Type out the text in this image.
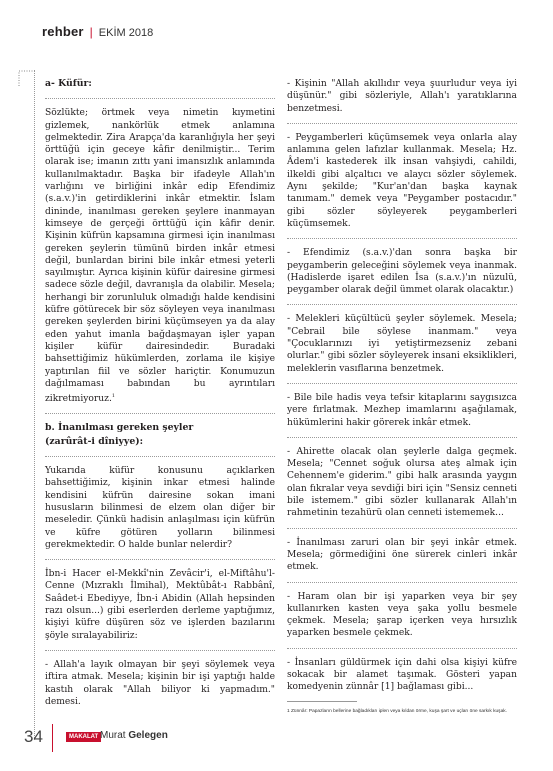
rehber | EKİM 2018
a- Küfür:

Sözlükte; örtmek veya nimetin kıymetini gizlemek, nankörlük etmek anlamına gelmektedir. Zira Arapça'da karanlığıyla her şeyi örttüğü için geceye kâfir denilmiştir... Terim olarak ise; imanın zıttı yani imansızlık anlamında kullanılmaktadır. Başka bir ifadeyle Allah'ın varlığını ve birliğini inkâr edip Efendimiz (s.a.v.)'in getirdiklerini inkâr etmektir. İslam dininde, inanılması gereken şeylere inanmayan kimseye de gerçeği örttüğü için kâfir denir. Kişinin küfrün kapsamına girmesi için inanılması gereken şeylerin tümünü birden inkâr etmesi değil, bunlardan birini bile inkâr etmesi yeterli sayılmıştır. Ayrıca kişinin küfür dairesine girmesi sadece sözle değil, davranışla da olabilir. Mesela; herhangi bir zorunluluk olmadığı halde kendisini küfre götürecek bir söz söyleyen veya inanılması gereken şeylerden birini küçümseyen ya da alay eden yahut imanla bağdaşmayan işler yapan kişiler küfür dairesindedir. Buradaki bahsettiğimiz hükümlerden, zorlama ile kişiye yaptırılan fiil ve sözler hariçtir. Konumuzun dağılmaması babından bu ayrıntıları zikretmiyoruz.$^1$

b. İnanılması gereken şeyler
(zarûrât-i dîniyye):

Yukarıda küfür konusunu açıklarken bahsettiğimiz, kişinin inkar etmesi halinde kendisini küfrün dairesine sokan imani hususların bilinmesi de elzem olan diğer bir meseledir. Çünkü hadisin anlaşılması için küfrün ve küfre götüren yolların bilinmesi gerekmektedir. O halde bunlar nelerdir?

İbn-i Hacer el-Mekkî'nin Zevâcir'i, el-Miftâhu'l-Cenne (Mızraklı İlmihal), Mektûbât-ı Rabbânî, Saâdet-i Ebediyye, İbn-i Abidin (Allah hepsinden razı olsun...) gibi eserlerden derleme yaptığımız, kişiyi küfre düşüren söz ve işlerden bazılarını şöyle sıralayabiliriz:

- Allah'a layık olmayan bir şeyi söylemek veya iftira atmak. Mesela; kişinin bir işi yaptığı halde kastıh olarak "Allah biliyor ki yapmadım." demesi.

- Kişinin "Allah akıllıdır veya şuurludur veya iyi düşünür." gibi sözleriyle, Allah'ı yaratıklarına benzetmesi.

- Peygamberleri küçümsemek veya onlarla alay anlamına gelen lafızlar kullanmak. Mesela; Hz. Âdem'i kastederek ilk insan vahşiydi, cahildi, ilkeldi gibi alçaltıcı ve alaycı sözler söylemek. Aynı şekilde; "Kur'an'dan başka kaynak tanımam." demek veya "Peygamber postacıdır." gibi sözler söyleyerek peygamberleri küçümsemek.

- Efendimiz (s.a.v.)'dan sonra başka bir peygamberin geleceğini söylemek veya inanmak. (Hadislerde işaret edilen İsa (s.a.v.)'ın nüzulü, peygamber olarak değil ümmet olarak olacaktır.)

- Melekleri küçültücü şeyler söylemek. Mesela; "Cebrail bile söylese inanmam." veya "Çocuklarınızı iyi yetiştirmezseniz zebani olurlar." gibi sözler söyleyerek insani eksiklikleri, meleklerin vasıflarına benzetmek.

- Bile bile hadis veya tefsir kitaplarını saygısızca yere fırlatmak. Mezhep imamlarını aşağılamak, hükümlerini hakir görerek inkâr etmek.

- Ahirette olacak olan şeylerle dalga geçmek. Mesela; "Cennet soğuk olursa ateş almak için Cehennem'e giderim." gibi halk arasında yaygın olan fıkralar veya sevdiği biri için "Sensiz cenneti bile istemem." gibi sözler kullanarak Allah'ın rahmetinin tezahürü olan cenneti istememek...

- İnanılması zaruri olan bir şeyi inkâr etmek. Mesela; görmediğini öne sürerek cinleri inkâr etmek.

- Haram olan bir işi yaparken veya bir şey kullanırken kasten veya şaka yollu besmele çekmek. Mesela; şarap içerken veya hırsızlık yaparken besmele çekmek.

- İnsanları güldürmek için dahi olsa kişiyi küfre sokacak bir alamet taşımak. Gösteri yapan komedyenin zünnâr [1] bağlaması gibi...

1 Zünnâr: Papazların bellerine bağladıkları iplen veya kıldan örme, kuşa şart ve uçları öne sarkık kuşak.
34	MAKALAT Murat Gelegen
